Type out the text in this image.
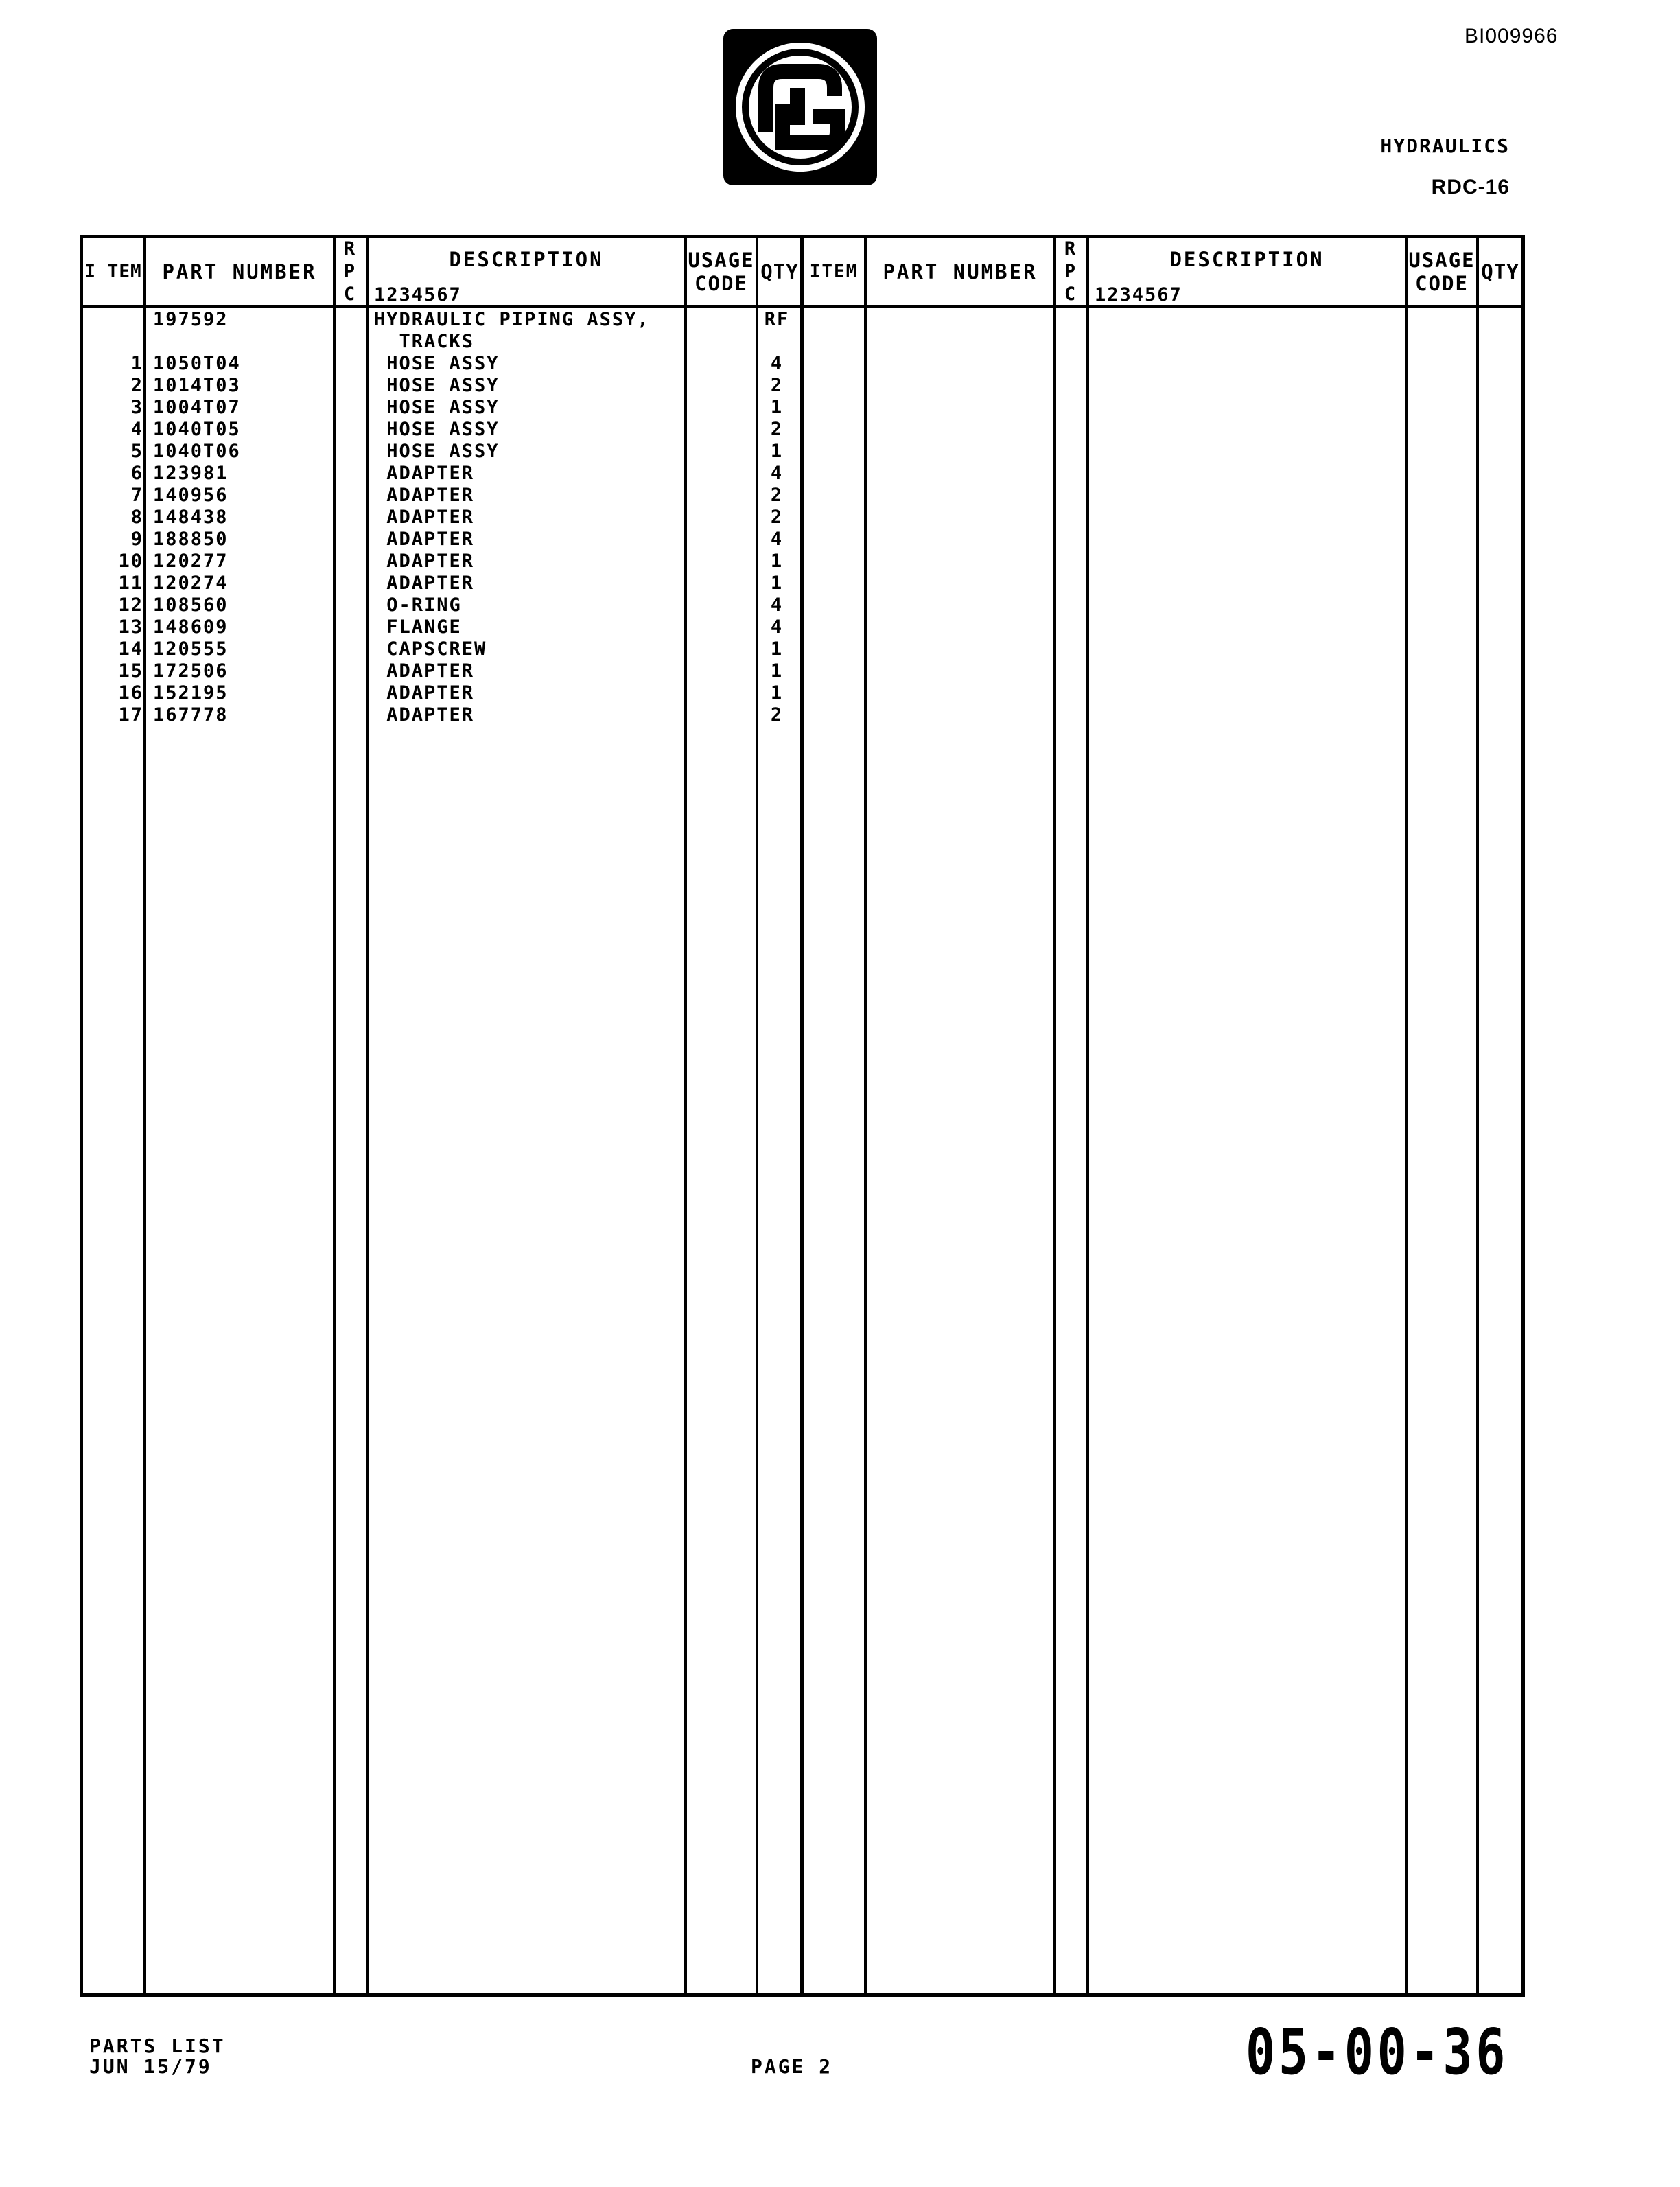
BI009966
HYDRAULICS
RDC-16
I TEM	PART NUMBER
R
P
C
DESCRIPTION
1234567
USAGE
CODE QTY
197592	HYDRAULIC PIPING ASSY,	RF
TRACKS
1 1050T04	HOSE ASSY	4
2 1014T03	HOSE ASSY	2
3 1004T07	HOSE ASSY	1
4 1040T05	HOSE ASSY	2
5 1040T06	HOSE ASSY	1
6 123981	ADAPTER	4
7 140956	ADAPTER	2
8 148438	ADAPTER	2
9 188850	ADAPTER	4
10 120277	ADAPTER	1
11 120274	ADAPTER	1
12 108560	O-RING	4
13 148609	FLANGE	4
14 120555	CAPSCREW	1
15 172506	ADAPTER	1
16 152195	ADAPTER	1
17 167778	ADAPTER	2
ITEM	PART NUMBER
R
P
C
DESCRIPTION
1234567
USAGE
CODE QTY
PARTS LIST
JUN 15/79	PAGE 2	05-00-36
